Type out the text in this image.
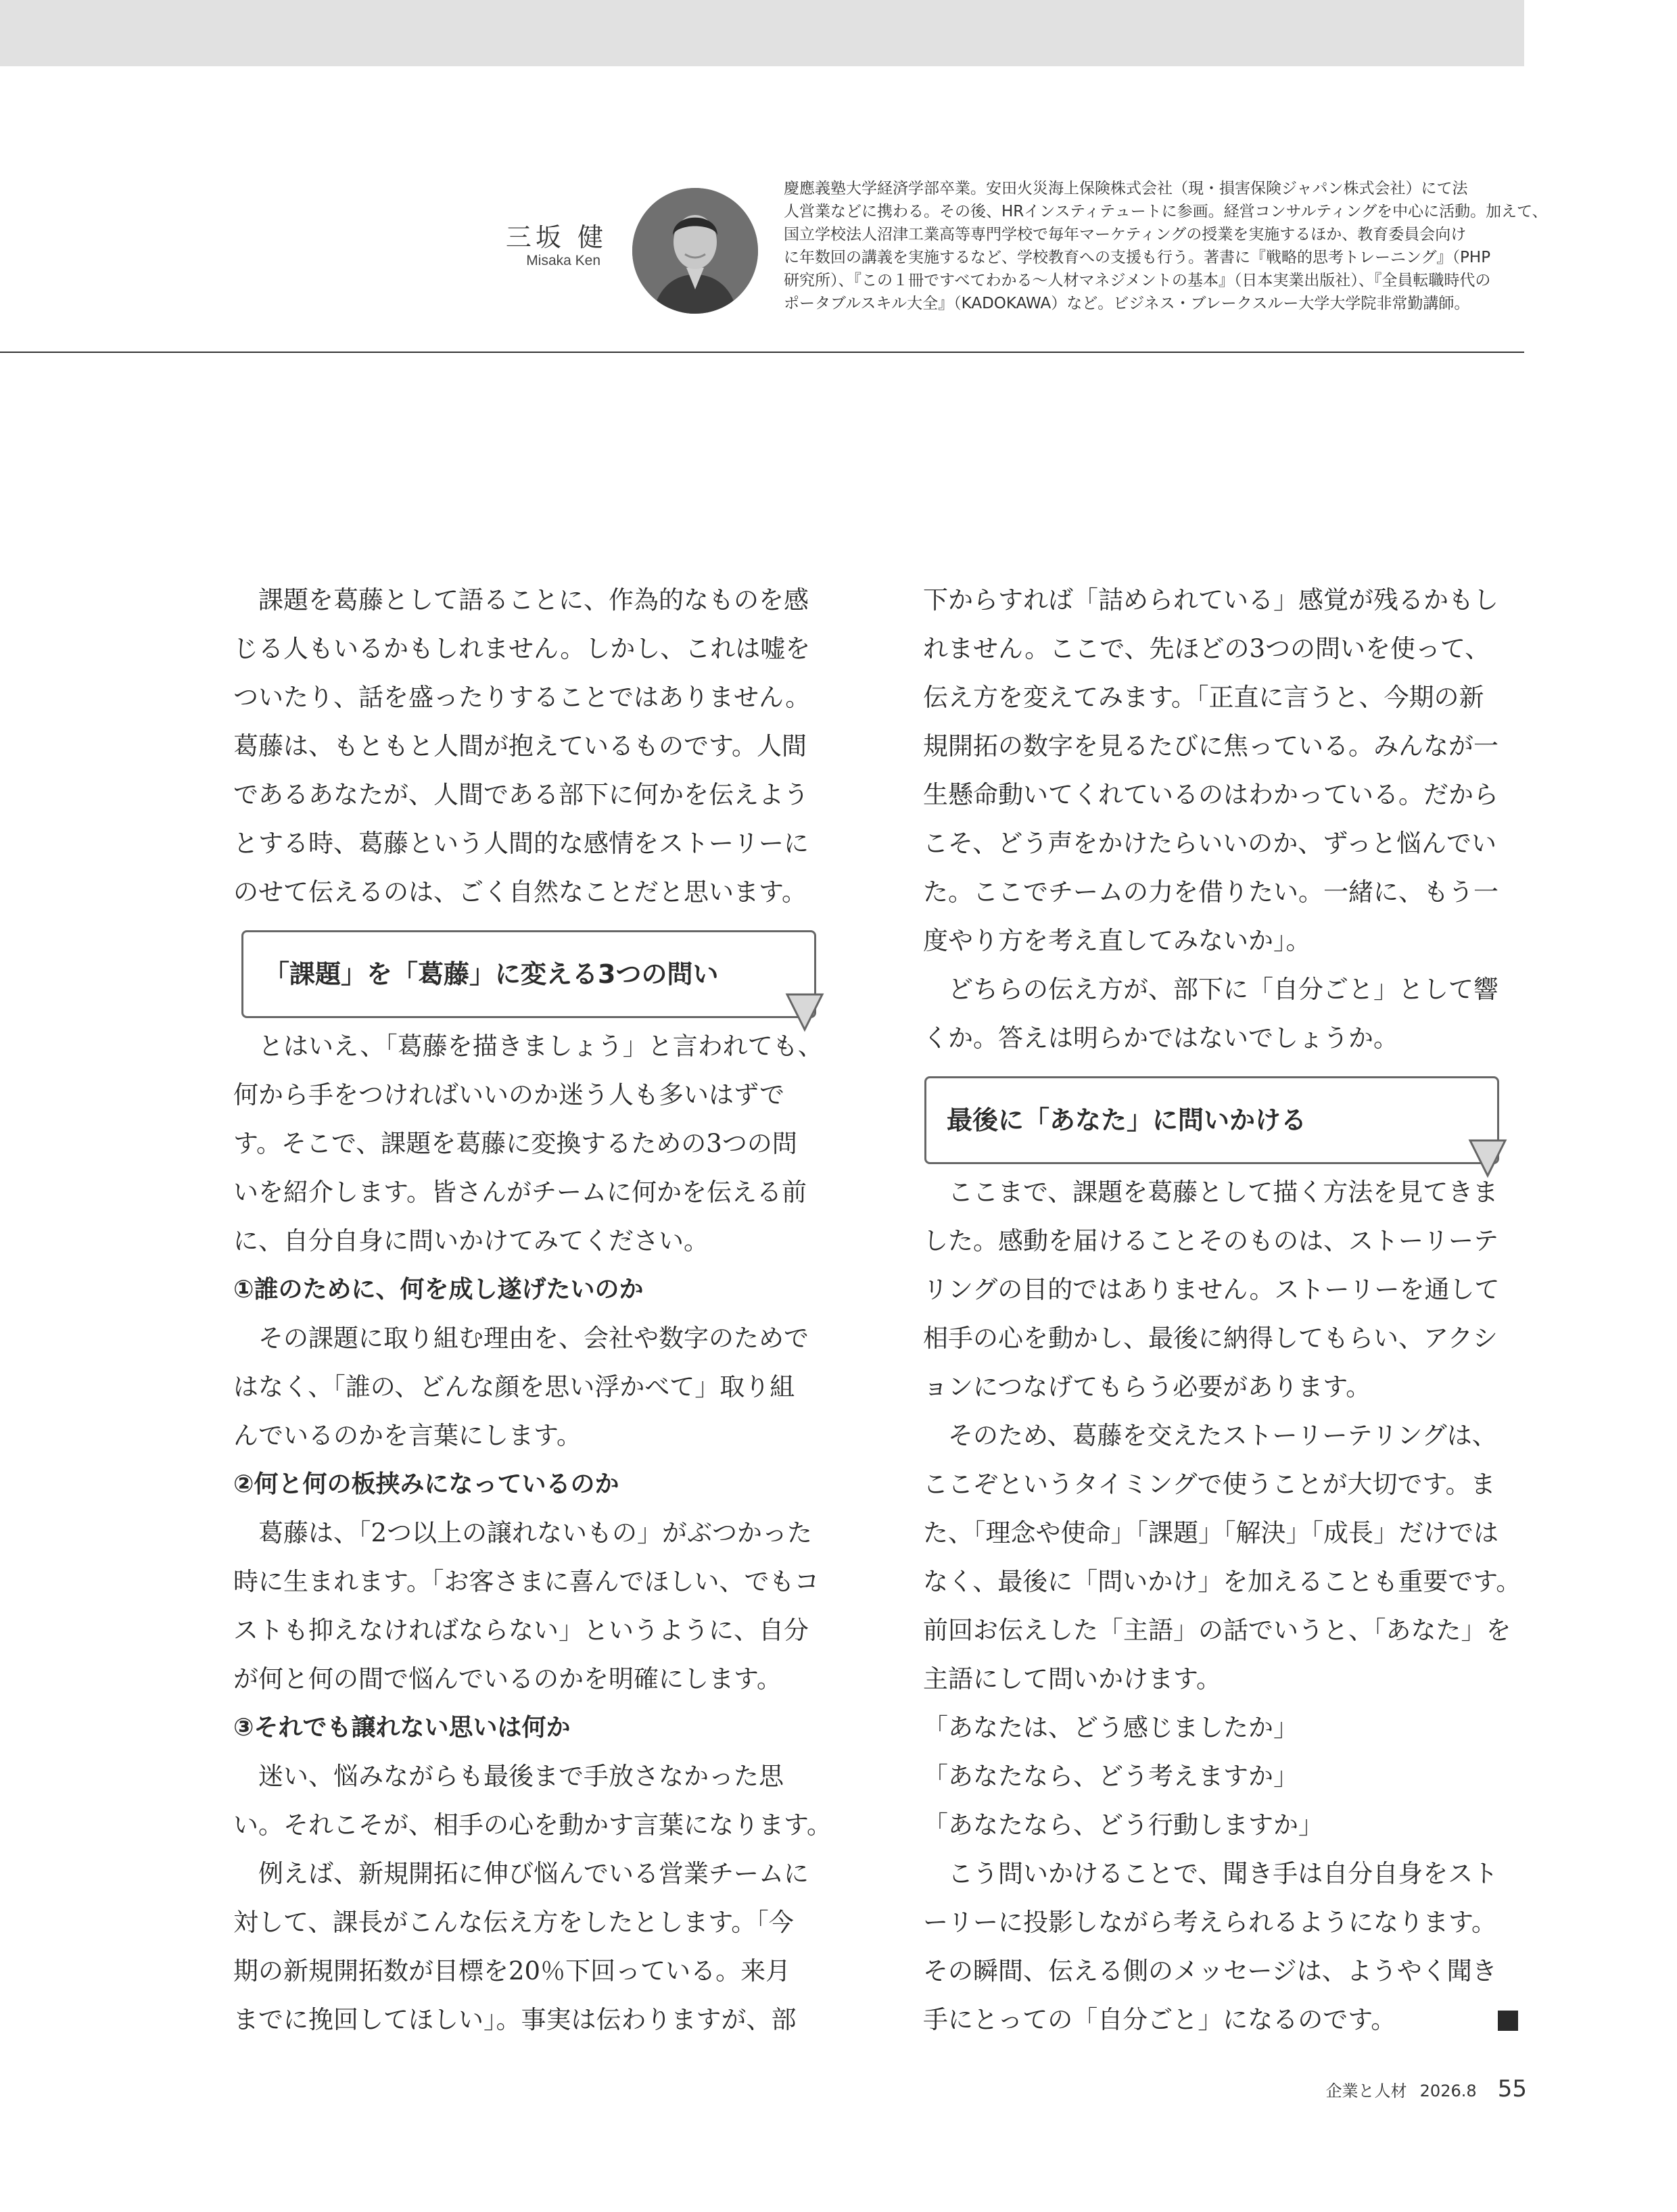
三坂 健
Misaka Ken
慶應義塾大学経済学部卒業。安田火災海上保険株式会社（現・損害保険ジャパン株式会社）にて法
人営業などに携わる。その後、HRインスティテュートに参画。経営コンサルティングを中心に活動。加えて、
国立学校法人沼津工業高等専門学校で毎年マーケティングの授業を実施するほか、教育委員会向け
に年数回の講義を実施するなど、学校教育への支援も行う。著書に『戦略的思考トレーニング』（PHP
研究所）、『この１冊ですべてわかる〜人材マネジメントの基本』（日本実業出版社）、『全員転職時代の
ポータブルスキル大全』（KADOKAWA）など。ビジネス・ブレークスルー大学大学院非常勤講師。
　課題を葛藤として語ることに、作為的なものを感
じる人もいるかもしれません。しかし、これは嘘を
ついたり、話を盛ったりすることではありません。
葛藤は、もともと人間が抱えているものです。人間
であるあなたが、人間である部下に何かを伝えよう
とする時、葛藤という人間的な感情をストーリーに
のせて伝えるのは、ごく自然なことだと思います。
「課題」を「葛藤」に変える3つの問い
　とはいえ、「葛藤を描きましょう」と言われても、
何から手をつければいいのか迷う人も多いはずで
す。そこで、課題を葛藤に変換するための3つの問
いを紹介します。皆さんがチームに何かを伝える前
に、自分自身に問いかけてみてください。
①誰のために、何を成し遂げたいのか
　その課題に取り組む理由を、会社や数字のためで
はなく、「誰の、どんな顔を思い浮かべて」取り組
んでいるのかを言葉にします。
②何と何の板挟みになっているのか
　葛藤は、「2つ以上の譲れないもの」がぶつかった
時に生まれます。「お客さまに喜んでほしい、でもコ
ストも抑えなければならない」というように、自分
が何と何の間で悩んでいるのかを明確にします。
③それでも譲れない思いは何か
　迷い、悩みながらも最後まで手放さなかった思
い。それこそが、相手の心を動かす言葉になります。
　例えば、新規開拓に伸び悩んでいる営業チームに
対して、課長がこんな伝え方をしたとします。「今
期の新規開拓数が目標を20％下回っている。来月
までに挽回してほしい」。事実は伝わりますが、部
下からすれば「詰められている」感覚が残るかもし
れません。ここで、先ほどの3つの問いを使って、
伝え方を変えてみます。「正直に言うと、今期の新
規開拓の数字を見るたびに焦っている。みんなが一
生懸命動いてくれているのはわかっている。だから
こそ、どう声をかけたらいいのか、ずっと悩んでい
た。ここでチームの力を借りたい。一緒に、もう一
度やり方を考え直してみないか」。
　どちらの伝え方が、部下に「自分ごと」として響
くか。答えは明らかではないでしょうか。
最後に「あなた」に問いかける
　ここまで、課題を葛藤として描く方法を見てきま
した。感動を届けることそのものは、ストーリーテ
リングの目的ではありません。ストーリーを通して
相手の心を動かし、最後に納得してもらい、アクシ
ョンにつなげてもらう必要があります。
　そのため、葛藤を交えたストーリーテリングは、
ここぞというタイミングで使うことが大切です。ま
た、「理念や使命」「課題」「解決」「成長」だけでは
なく、最後に「問いかけ」を加えることも重要です。
前回お伝えした「主語」の話でいうと、「あなた」を
主語にして問いかけます。
「あなたは、どう感じましたか」
「あなたなら、どう考えますか」
「あなたなら、どう行動しますか」
　こう問いかけることで、聞き手は自分自身をスト
ーリーに投影しながら考えられるようになります。
その瞬間、伝える側のメッセージは、ようやく聞き
手にとっての「自分ごと」になるのです。
企業と人材 2026.8 55
